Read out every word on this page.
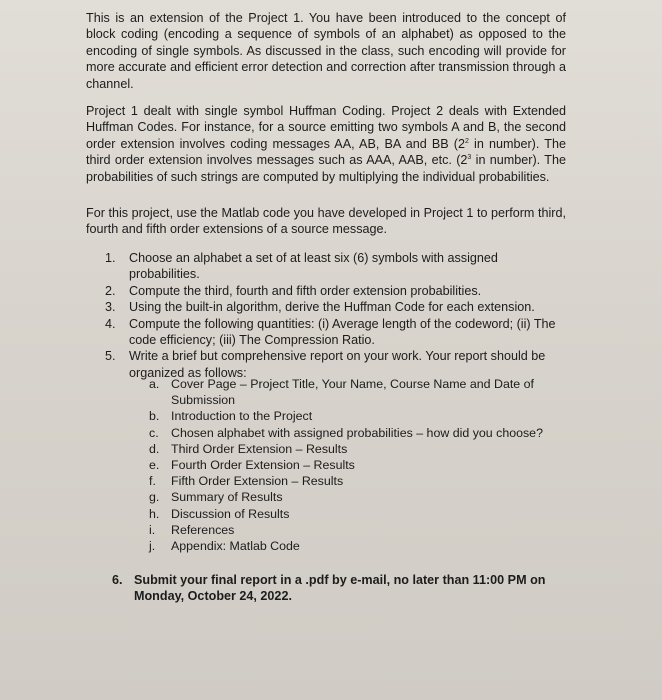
This is an extension of the Project 1. You have been introduced to the concept of block coding (encoding a sequence of symbols of an alphabet) as opposed to the encoding of single symbols. As discussed in the class, such encoding will provide for more accurate and efficient error detection and correction after transmission through a channel.

Project 1 dealt with single symbol Huffman Coding. Project 2 deals with Extended Huffman Codes. For instance, for a source emitting two symbols A and B, the second order extension involves coding messages AA, AB, BA and BB ($2^2$ in number). The third order extension involves messages such as AAA, AAB, etc. ($2^3$ in number). The probabilities of such strings are computed by multiplying the individual probabilities.

For this project, use the Matlab code you have developed in Project 1 to perform third, fourth and fifth order extensions of a source message.

1. Choose an alphabet a set of at least six (6) symbols with assigned probabilities.
2. Compute the third, fourth and fifth order extension probabilities.
3. Using the built-in algorithm, derive the Huffman Code for each extension.
4. Compute the following quantities: (i) Average length of the codeword; (ii) The code efficiency; (iii) The Compression Ratio.
5. Write a brief but comprehensive report on your work. Your report should be organized as follows:
a. Cover Page – Project Title, Your Name, Course Name and Date of Submission
b. Introduction to the Project
c. Chosen alphabet with assigned probabilities – how did you choose?
d. Third Order Extension – Results
e. Fourth Order Extension – Results
f. Fifth Order Extension – Results
g. Summary of Results
h. Discussion of Results
i. References
j. Appendix: Matlab Code
6. Submit your final report in a .pdf by e-mail, no later than 11:00 PM on Monday, October 24, 2022.
